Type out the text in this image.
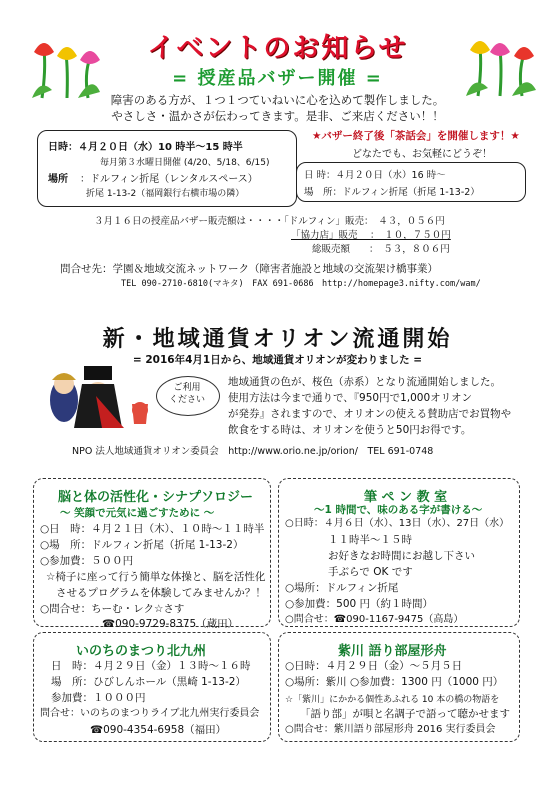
イベントのお知らせ
= 授産品バザー開催 =
障害のある方が、１つ１つていねいに心を込めて製作しました。
やさしさ・温かさが伝わってきます。是非、ご来店ください！！
日時：４月２０日（水）10 時半～15 時半
毎月第３水曜日開催 (4/20、5/18、6/15)
場所 ：ドルフィン折尾（レンタルスペース）
折尾 1-13-2（福岡銀行右横市場の隣）
★バザー終了後「茶話会」を開催します！★
どなたでも、お気軽にどうぞ！
日 時：４月２０日（水）16 時～
場　所：ドルフィン折尾（折尾 1-13-2）
３月１６日の授産品バザー販売額は・・・・「ドルフィン」販売：　４３，０５６円
「協力店」販売　 ：　１０，７５０円
総販売額　　：　５３，８０６円
問合せ先：学園＆地域交流ネットワーク（障害者施設と地域の交流架け橋事業）
TEL 090-2710-6810(マキタ)　FAX 691-0686　http://homepage3.nifty.com/wam/
新・地域通貨オリオン流通開始
= 2016年4月1日から、地域通貨オリオンが変わりました =
ご利用
ください
地域通貨の色が、桜色（赤系）となり流通開始しました。
使用方法は今まで通りで、『950円で1,000オリオン
が発券』されますので、オリオンの使える賛助店でお買物や
飲食をする時は、オリオンを使うと50円お得です。
NPO 法人地域通貨オリオン委員会　http://www.orio.ne.jp/orion/　TEL 691-0748
脳と体の活性化・シナプソロジー
～ 笑顔で元気に過ごすために ～
○日　時：４月２１日（木）、１０時～１１時半
○場　所：ドルフィン折尾（折尾 1-13-2）
○参加費：５００円
☆椅子に座って行う簡単な体操と、脳を活性化
させるプログラムを体験してみませんか？！
○問合せ：ちーむ・レク☆さす
☎090-9729-8375（蔵田）
筆 ペ ン 教 室
～1 時間で、味のある字が書ける～
○日時：４月６日（水）、13日（水）、27日（水）
１１時半～１５時
お好きなお時間にお越し下さい
手ぶらで OK です
○場所：ドルフィン折尾
○参加費：500 円（約１時間）
○問合せ：☎090-1167-9475（高島）
いのちのまつり北九州
日　時：４月２９日（金）１３時～１６時
場　所：ひびしんホール（黒崎 1-13-2）
参加費：１０００円
問合せ：いのちのまつりライブ北九州実行委員会
☎090-4354-6958（福田）
紫川 語り部屋形舟
○日時：４月２９日（金）～５月５日
○場所：紫川 ○参加費：1300 円（1000 円）
☆「紫川」にかかる個性あふれる 10 本の橋の物語を
「語り部」が唄と名調子で語って聴かせます
○問合せ：紫川語り部屋形舟 2016 実行委員会
